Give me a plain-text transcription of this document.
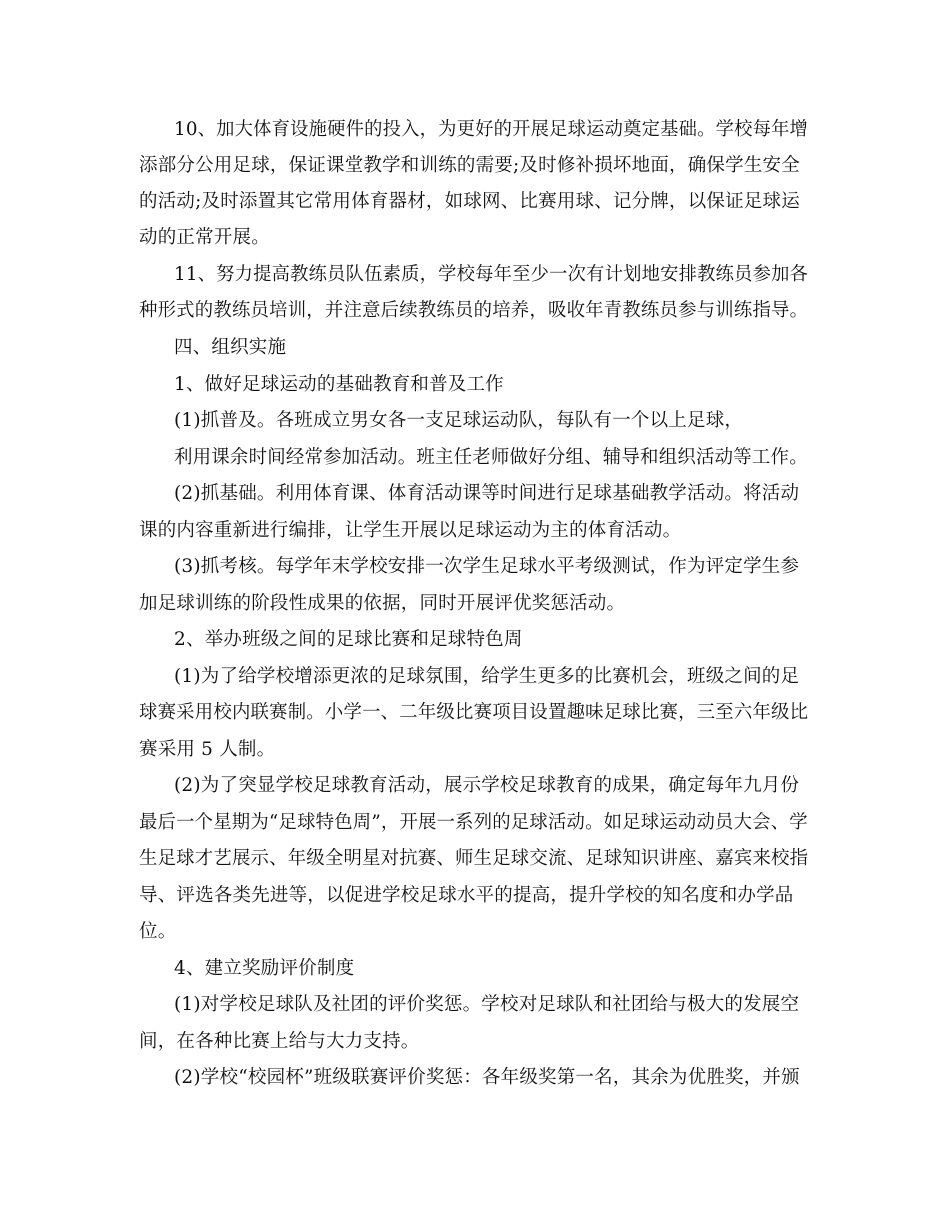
10、加大体育设施硬件的投入，为更好的开展足球运动奠定基础。学校每年增
添部分公用足球，保证课堂教学和训练的需要;及时修补损坏地面，确保学生安全
的活动;及时添置其它常用体育器材，如球网、比赛用球、记分牌，以保证足球运
动的正常开展。
11、努力提高教练员队伍素质，学校每年至少一次有计划地安排教练员参加各
种形式的教练员培训，并注意后续教练员的培养，吸收年青教练员参与训练指导。
四、组织实施
1、做好足球运动的基础教育和普及工作
(1)抓普及。各班成立男女各一支足球运动队，每队有一个以上足球，
利用课余时间经常参加活动。班主任老师做好分组、辅导和组织活动等工作。
(2)抓基础。利用体育课、体育活动课等时间进行足球基础教学活动。将活动
课的内容重新进行编排，让学生开展以足球运动为主的体育活动。
(3)抓考核。每学年末学校安排一次学生足球水平考级测试，作为评定学生参
加足球训练的阶段性成果的依据，同时开展评优奖惩活动。
2、举办班级之间的足球比赛和足球特色周
(1)为了给学校增添更浓的足球氛围，给学生更多的比赛机会，班级之间的足
球赛采用校内联赛制。小学一、二年级比赛项目设置趣味足球比赛，三至六年级比
赛采用 5 人制。
(2)为了突显学校足球教育活动，展示学校足球教育的成果，确定每年九月份
最后一个星期为“足球特色周”，开展一系列的足球活动。如足球运动动员大会、学
生足球才艺展示、年级全明星对抗赛、师生足球交流、足球知识讲座、嘉宾来校指
导、评选各类先进等，以促进学校足球水平的提高，提升学校的知名度和办学品
位。
4、建立奖励评价制度
(1)对学校足球队及社团的评价奖惩。学校对足球队和社团给与极大的发展空
间，在各种比赛上给与大力支持。
(2)学校“校园杯”班级联赛评价奖惩：各年级奖第一名，其余为优胜奖，并颁
